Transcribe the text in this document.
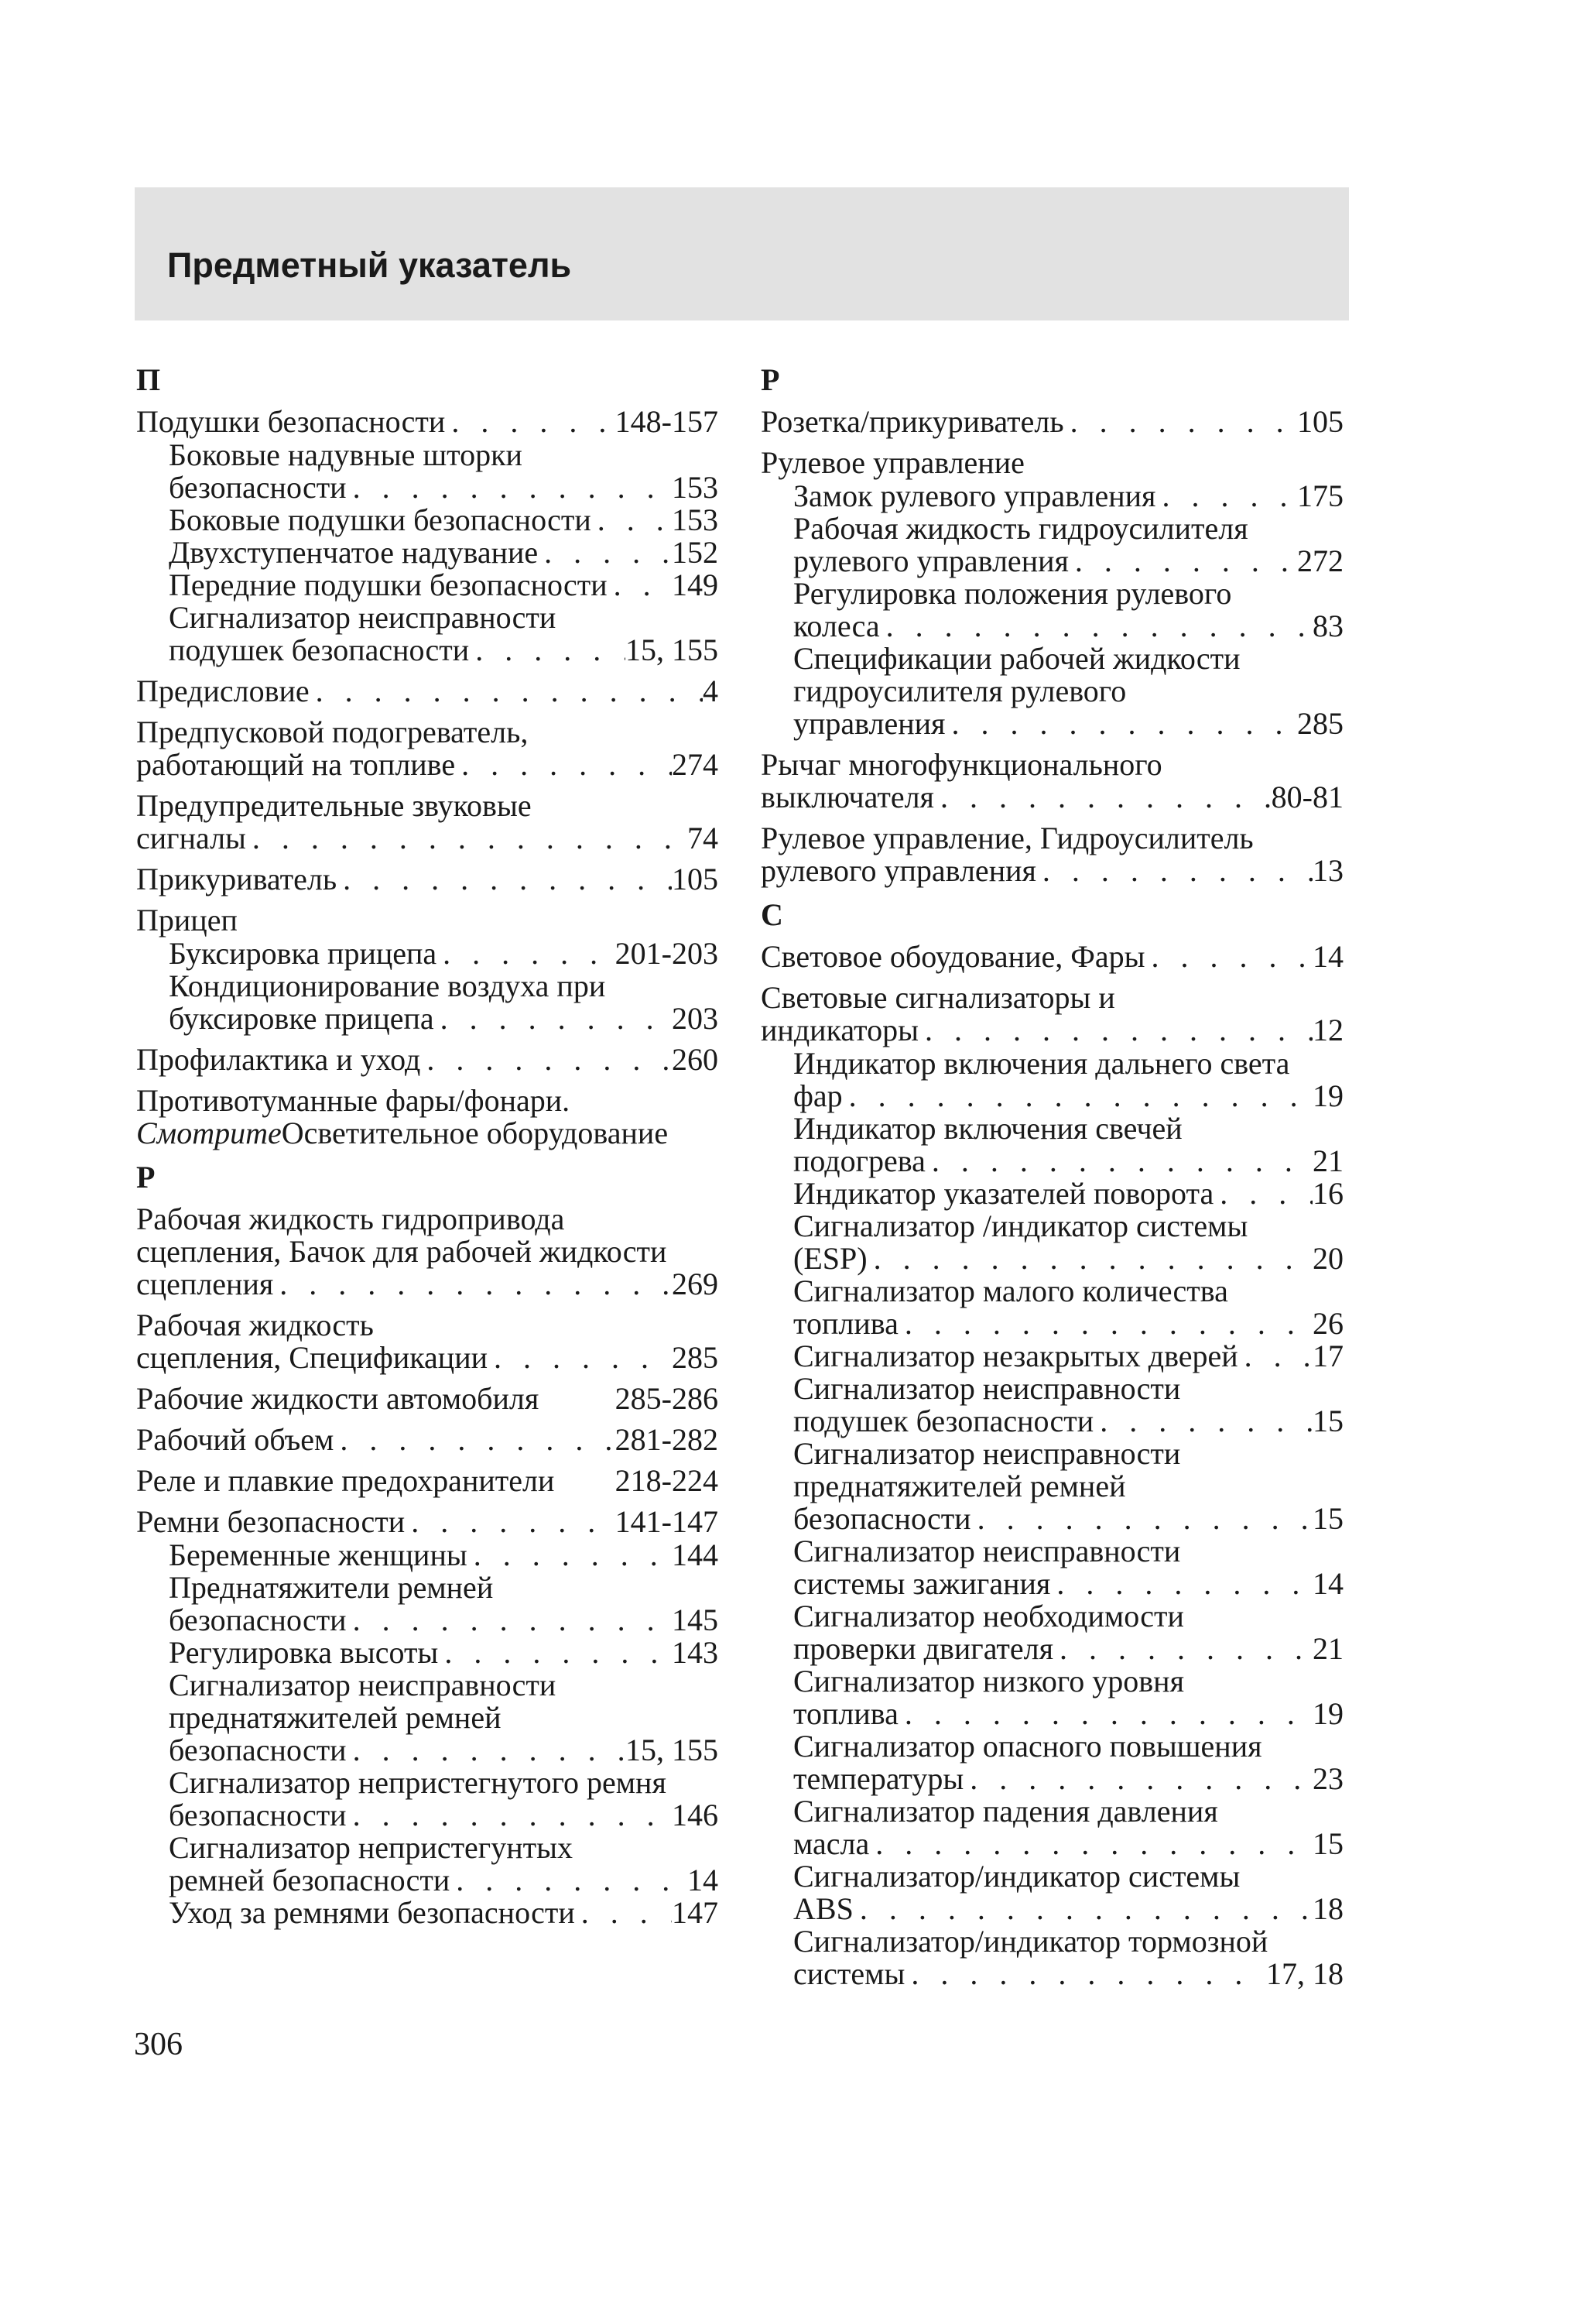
Предметный указатель
П
Подушки безопасности . . .	148-157
Боковые надувные шторки
безопасности . . .	153
Боковые подушки безопасности . . .	153
Двухступенчатое надувание . . .	152
Передние подушки безопасности . . . 149
Сигнализатор неисправности
подушек безопасности . . .	15, 155
Предисловие . . .	4
Предпусковой подогреватель,
работающий на топливе . . .	274
Предупредительные звуковые
сигналы . . .	74
Прикуриватель . . .	105
Прицеп
Буксировка прицепа . . .	201-203
Кондиционирование воздуха при
буксировке прицепа . . .	203
Профилактика и уход . . .	260
Противотуманные фары/фонари.
Смотрите Осветительное оборудование
Р
Рабочая жидкость гидропривода
сцепления, Бачок для рабочей жидкости
сцепления . . .	269
Рабочая жидкость
сцепления, Спецификации . . .	285
Рабочие жидкости автомобиля 285-286
Рабочий объем . . .	281-282
Реле и плавкие предохранители 218-224
Ремни безопасности . . .	141-147
Беременные женщины . . .	144
Преднатяжители ремней
безопасности . . .	145
Регулировка высоты . . .	143
Сигнализатор неисправности
преднатяжителей ремней
безопасности . . .	15, 155
Сигнализатор непристегнутого ремня
безопасности . . .	146
Сигнализатор непристегунтых
ремней безопасности . . .	14
Уход за ремнями безопасности . . .	147
Р
Розетка/прикуриватель . . .	105
Рулевое управление
Замок рулевого управления . . .	175
Рабочая жидкость гидроусилителя
рулевого управления . . .	272
Регулировка положения рулевого
колеса . . .	83
Спецификации рабочей жидкости
гидроусилителя рулевого
управления . . .	285
Рычаг многофункционального
выключателя . . .	80-81
Рулевое управление, Гидроусилитель
рулевого управления . . .	13
С
Световое обоудование, Фары . . .	14
Световые сигнализаторы и
индикаторы . . .	12
Индикатор включения дальнего света
фар . . .	19
Индикатор включения свечей
подогрева . . .	21
Индикатор указателей поворота . . .	16
Сигнализатор /индикатор системы
(ESP) . . .	20
Сигнализатор малого количества
топлива . . .	26
Сигнализатор незакрытых дверей . . . 17
Сигнализатор неисправности
подушек безопасности . . .	15
Сигнализатор неисправности
преднатяжителей ремней
безопасности . . .	15
Сигнализатор неисправности
системы зажигания . . .	14
Сигнализатор необходимости
проверки двигателя . . .	21
Сигнализатор низкого уровня
топлива . . .	19
Сигнализатор опасного повышения
температуры . . .	23
Сигнализатор падения давления
масла . . .	15
Сигнализатор/индикатор системы
ABS . . .	18
Сигнализатор/индикатор тормозной
системы . . .	17, 18
306
